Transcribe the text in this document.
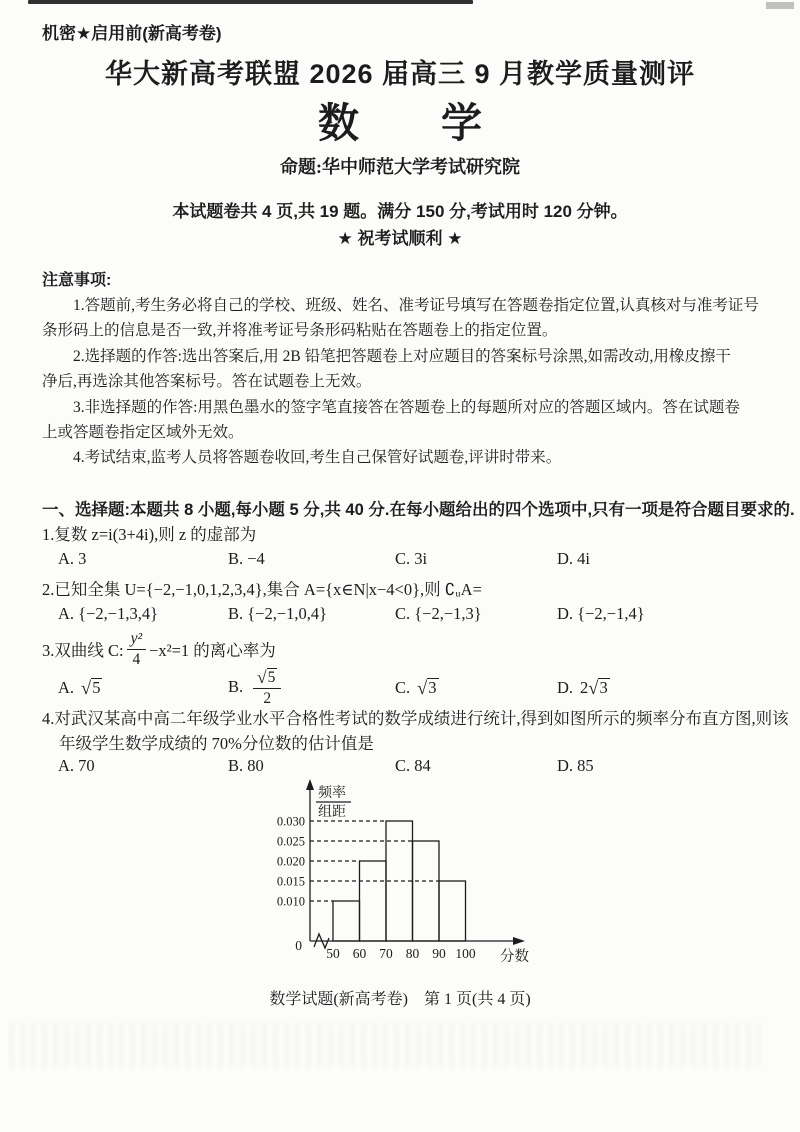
机密★启用前(新高考卷)
华大新高考联盟 2026 届高三 9 月教学质量测评
数　　学
命题:华中师范大学考试研究院
本试题卷共 4 页,共 19 题。满分 150 分,考试用时 120 分钟。
★ 祝考试顺利 ★
注意事项:
1.答题前,考生务必将自己的学校、班级、姓名、准考证号填写在答题卷指定位置,认真核对与准考证号
条形码上的信息是否一致,并将准考证号条形码粘贴在答题卷上的指定位置。
2.选择题的作答:选出答案后,用 2B 铅笔把答题卷上对应题目的答案标号涂黑,如需改动,用橡皮擦干
净后,再选涂其他答案标号。答在试题卷上无效。
3.非选择题的作答:用黑色墨水的签字笔直接答在答题卷上的每题所对应的答题区域内。答在试题卷
上或答题卷指定区域外无效。
4.考试结束,监考人员将答题卷收回,考生自己保管好试题卷,评讲时带来。
一、选择题:本题共 8 小题,每小题 5 分,共 40 分.在每小题给出的四个选项中,只有一项是符合题目要求的.
1.复数 z=i(3+4i),则 z 的虚部为
A. 3	B. −4	C. 3i	D. 4i
2.已知全集 U={−2,−1,0,1,2,3,4},集合 A={x∈N|x−4<0},则 ∁ᵤA=
A. {−2,−1,3,4}	B. {−2,−1,0,4}	C. {−2,−1,3}	D. {−2,−1,4}
3.双曲线 C: $\frac{\text{y²}}{4} -x^2=1$ 的离心率为
A. √ 5	B. $\frac{√ 5}{2}$	C. √ 3	D. 2 √ 3
4.对武汉某高中高二年级学业水平合格性考试的数学成绩进行统计,得到如图所示的频率分布直方图,则该
年级学生数学成绩的 70%分位数的估计值是
A. 70	B. 80	C. 84	D. 85
0
50 60 70 80 90 100
0.010
0.015
0.020
0.025
0.030
频率
组距
分数
数学试题(新高考卷)　第 1 页(共 4 页)
